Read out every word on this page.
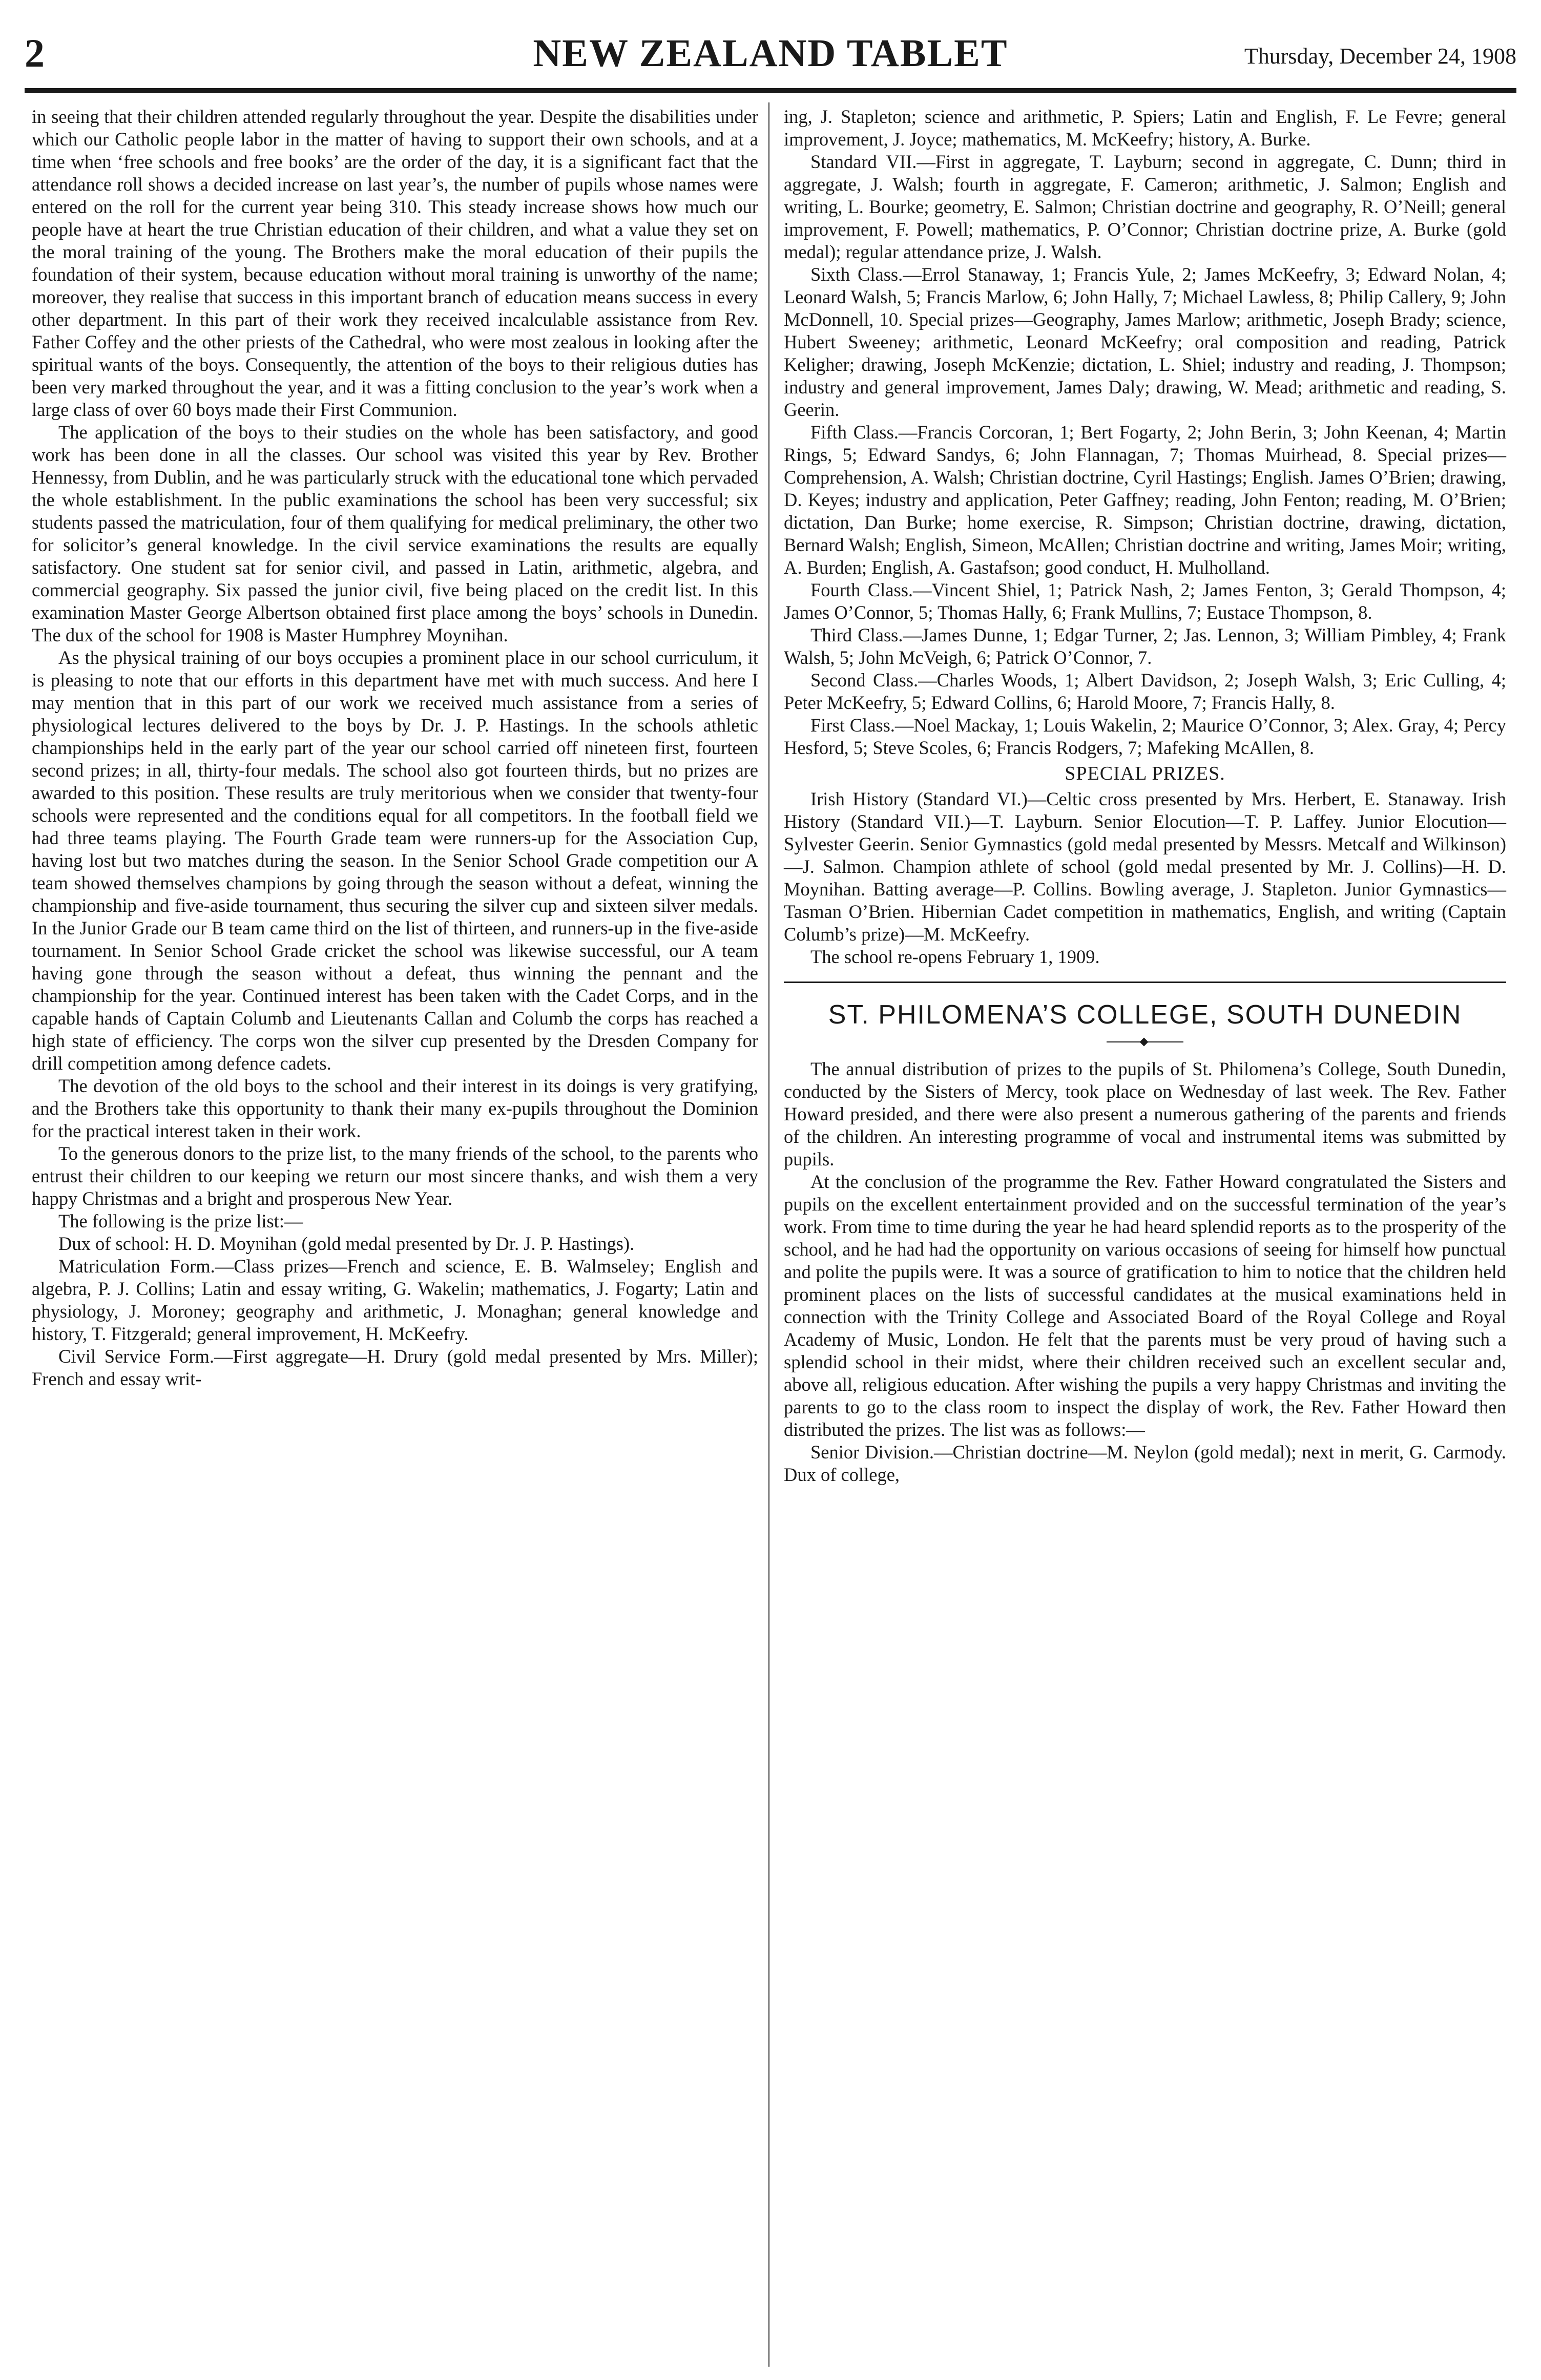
2	NEW ZEALAND TABLET	Thursday, December 24, 1908

in seeing that their children attended regularly throughout the year. Despite the disabilities under which our Catholic people labor in the matter of having to support their own schools, and at a time when ‘free schools and free books’ are the order of the day, it is a significant fact that the attendance roll shows a decided increase on last year’s, the number of pupils whose names were entered on the roll for the current year being 310. This steady increase shows how much our people have at heart the true Christian education of their children, and what a value they set on the moral training of the young. The Brothers make the moral education of their pupils the foundation of their system, because education without moral training is unworthy of the name; moreover, they realise that success in this important branch of education means success in every other department. In this part of their work they received incalculable assistance from Rev. Father Coffey and the other priests of the Cathedral, who were most zealous in looking after the spiritual wants of the boys. Consequently, the attention of the boys to their religious duties has been very marked throughout the year, and it was a fitting conclusion to the year’s work when a large class of over 60 boys made their First Communion.

The application of the boys to their studies on the whole has been satisfactory, and good work has been done in all the classes. Our school was visited this year by Rev. Brother Hennessy, from Dublin, and he was particularly struck with the educational tone which pervaded the whole establishment. In the public examinations the school has been very successful; six students passed the matriculation, four of them qualifying for medical preliminary, the other two for solicitor’s general knowledge. In the civil service examinations the results are equally satisfactory. One student sat for senior civil, and passed in Latin, arithmetic, algebra, and commercial geography. Six passed the junior civil, five being placed on the credit list. In this examination Master George Albertson obtained first place among the boys’ schools in Dunedin. The dux of the school for 1908 is Master Humphrey Moynihan.

As the physical training of our boys occupies a prominent place in our school curriculum, it is pleasing to note that our efforts in this department have met with much success. And here I may mention that in this part of our work we received much assistance from a series of physiological lectures delivered to the boys by Dr. J. P. Hastings. In the schools athletic championships held in the early part of the year our school carried off nineteen first, fourteen second prizes; in all, thirty-four medals. The school also got fourteen thirds, but no prizes are awarded to this position. These results are truly meritorious when we consider that twenty-four schools were represented and the conditions equal for all competitors. In the football field we had three teams playing. The Fourth Grade team were runners-up for the Association Cup, having lost but two matches during the season. In the Senior School Grade competition our A team showed themselves champions by going through the season without a defeat, winning the championship and five-aside tournament, thus securing the silver cup and sixteen silver medals. In the Junior Grade our B team came third on the list of thirteen, and runners-up in the five-aside tournament. In Senior School Grade cricket the school was likewise successful, our A team having gone through the season without a defeat, thus winning the pennant and the championship for the year. Continued interest has been taken with the Cadet Corps, and in the capable hands of Captain Columb and Lieutenants Callan and Columb the corps has reached a high state of efficiency. The corps won the silver cup presented by the Dresden Company for drill competition among defence cadets.

The devotion of the old boys to the school and their interest in its doings is very gratifying, and the Brothers take this opportunity to thank their many ex-pupils throughout the Dominion for the practical interest taken in their work.

To the generous donors to the prize list, to the many friends of the school, to the parents who entrust their children to our keeping we return our most sincere thanks, and wish them a very happy Christmas and a bright and prosperous New Year.

The following is the prize list:—

Dux of school: H. D. Moynihan (gold medal presented by Dr. J. P. Hastings).

Matriculation Form.—Class prizes—French and science, E. B. Walmseley; English and algebra, P. J. Collins; Latin and essay writing, G. Wakelin; mathematics, J. Fogarty; Latin and physiology, J. Moroney; geography and arithmetic, J. Monaghan; general knowledge and history, T. Fitzgerald; general improvement, H. McKeefry.

Civil Service Form.—First aggregate—H. Drury (gold medal presented by Mrs. Miller); French and essay writ-

ing, J. Stapleton; science and arithmetic, P. Spiers; Latin and English, F. Le Fevre; general improvement, J. Joyce; mathematics, M. McKeefry; history, A. Burke.

Standard VII.—First in aggregate, T. Layburn; second in aggregate, C. Dunn; third in aggregate, J. Walsh; fourth in aggregate, F. Cameron; arithmetic, J. Salmon; English and writing, L. Bourke; geometry, E. Salmon; Christian doctrine and geography, R. O’Neill; general improvement, F. Powell; mathematics, P. O’Connor; Christian doctrine prize, A. Burke (gold medal); regular attendance prize, J. Walsh.

Sixth Class.—Errol Stanaway, 1; Francis Yule, 2; James McKeefry, 3; Edward Nolan, 4; Leonard Walsh, 5; Francis Marlow, 6; John Hally, 7; Michael Lawless, 8; Philip Callery, 9; John McDonnell, 10. Special prizes—Geography, James Marlow; arithmetic, Joseph Brady; science, Hubert Sweeney; arithmetic, Leonard McKeefry; oral composition and reading, Patrick Keligher; drawing, Joseph McKenzie; dictation, L. Shiel; industry and reading, J. Thompson; industry and general improvement, James Daly; drawing, W. Mead; arithmetic and reading, S. Geerin.

Fifth Class.—Francis Corcoran, 1; Bert Fogarty, 2; John Berin, 3; John Keenan, 4; Martin Rings, 5; Edward Sandys, 6; John Flannagan, 7; Thomas Muirhead, 8. Special prizes—Comprehension, A. Walsh; Christian doctrine, Cyril Hastings; English. James O’Brien; drawing, D. Keyes; industry and application, Peter Gaffney; reading, John Fenton; reading, M. O’Brien; dictation, Dan Burke; home exercise, R. Simpson; Christian doctrine, drawing, dictation, Bernard Walsh; English, Simeon, McAllen; Christian doctrine and writing, James Moir; writing, A. Burden; English, A. Gastafson; good conduct, H. Mulholland.

Fourth Class.—Vincent Shiel, 1; Patrick Nash, 2; James Fenton, 3; Gerald Thompson, 4; James O’Connor, 5; Thomas Hally, 6; Frank Mullins, 7; Eustace Thompson, 8.

Third Class.—James Dunne, 1; Edgar Turner, 2; Jas. Lennon, 3; William Pimbley, 4; Frank Walsh, 5; John McVeigh, 6; Patrick O’Connor, 7.

Second Class.—Charles Woods, 1; Albert Davidson, 2; Joseph Walsh, 3; Eric Culling, 4; Peter McKeefry, 5; Edward Collins, 6; Harold Moore, 7; Francis Hally, 8.

First Class.—Noel Mackay, 1; Louis Wakelin, 2; Maurice O’Connor, 3; Alex. Gray, 4; Percy Hesford, 5; Steve Scoles, 6; Francis Rodgers, 7; Mafeking McAllen, 8.

SPECIAL PRIZES.

Irish History (Standard VI.)—Celtic cross presented by Mrs. Herbert, E. Stanaway. Irish History (Standard VII.)—T. Layburn. Senior Elocution—T. P. Laffey. Junior Elocution—Sylvester Geerin. Senior Gymnastics (gold medal presented by Messrs. Metcalf and Wilkinson)—J. Salmon. Champion athlete of school (gold medal presented by Mr. J. Collins)—H. D. Moynihan. Batting average—P. Collins. Bowling average, J. Stapleton. Junior Gymnastics—Tasman O’Brien. Hibernian Cadet competition in mathematics, English, and writing (Captain Columb’s prize)—M. McKeefry.

The school re-opens February 1, 1909.

ST. PHILOMENA’S COLLEGE, SOUTH DUNEDIN

The annual distribution of prizes to the pupils of St. Philomena’s College, South Dunedin, conducted by the Sisters of Mercy, took place on Wednesday of last week. The Rev. Father Howard presided, and there were also present a numerous gathering of the parents and friends of the children. An interesting programme of vocal and instrumental items was submitted by pupils.

At the conclusion of the programme the Rev. Father Howard congratulated the Sisters and pupils on the excellent entertainment provided and on the successful termination of the year’s work. From time to time during the year he had heard splendid reports as to the prosperity of the school, and he had had the opportunity on various occasions of seeing for himself how punctual and polite the pupils were. It was a source of gratification to him to notice that the children held prominent places on the lists of successful candidates at the musical examinations held in connection with the Trinity College and Associated Board of the Royal College and Royal Academy of Music, London. He felt that the parents must be very proud of having such a splendid school in their midst, where their children received such an excellent secular and, above all, religious education. After wishing the pupils a very happy Christmas and inviting the parents to go to the class room to inspect the display of work, the Rev. Father Howard then distributed the prizes. The list was as follows:—

Senior Division.—Christian doctrine—M. Neylon (gold medal); next in merit, G. Carmody. Dux of college,
